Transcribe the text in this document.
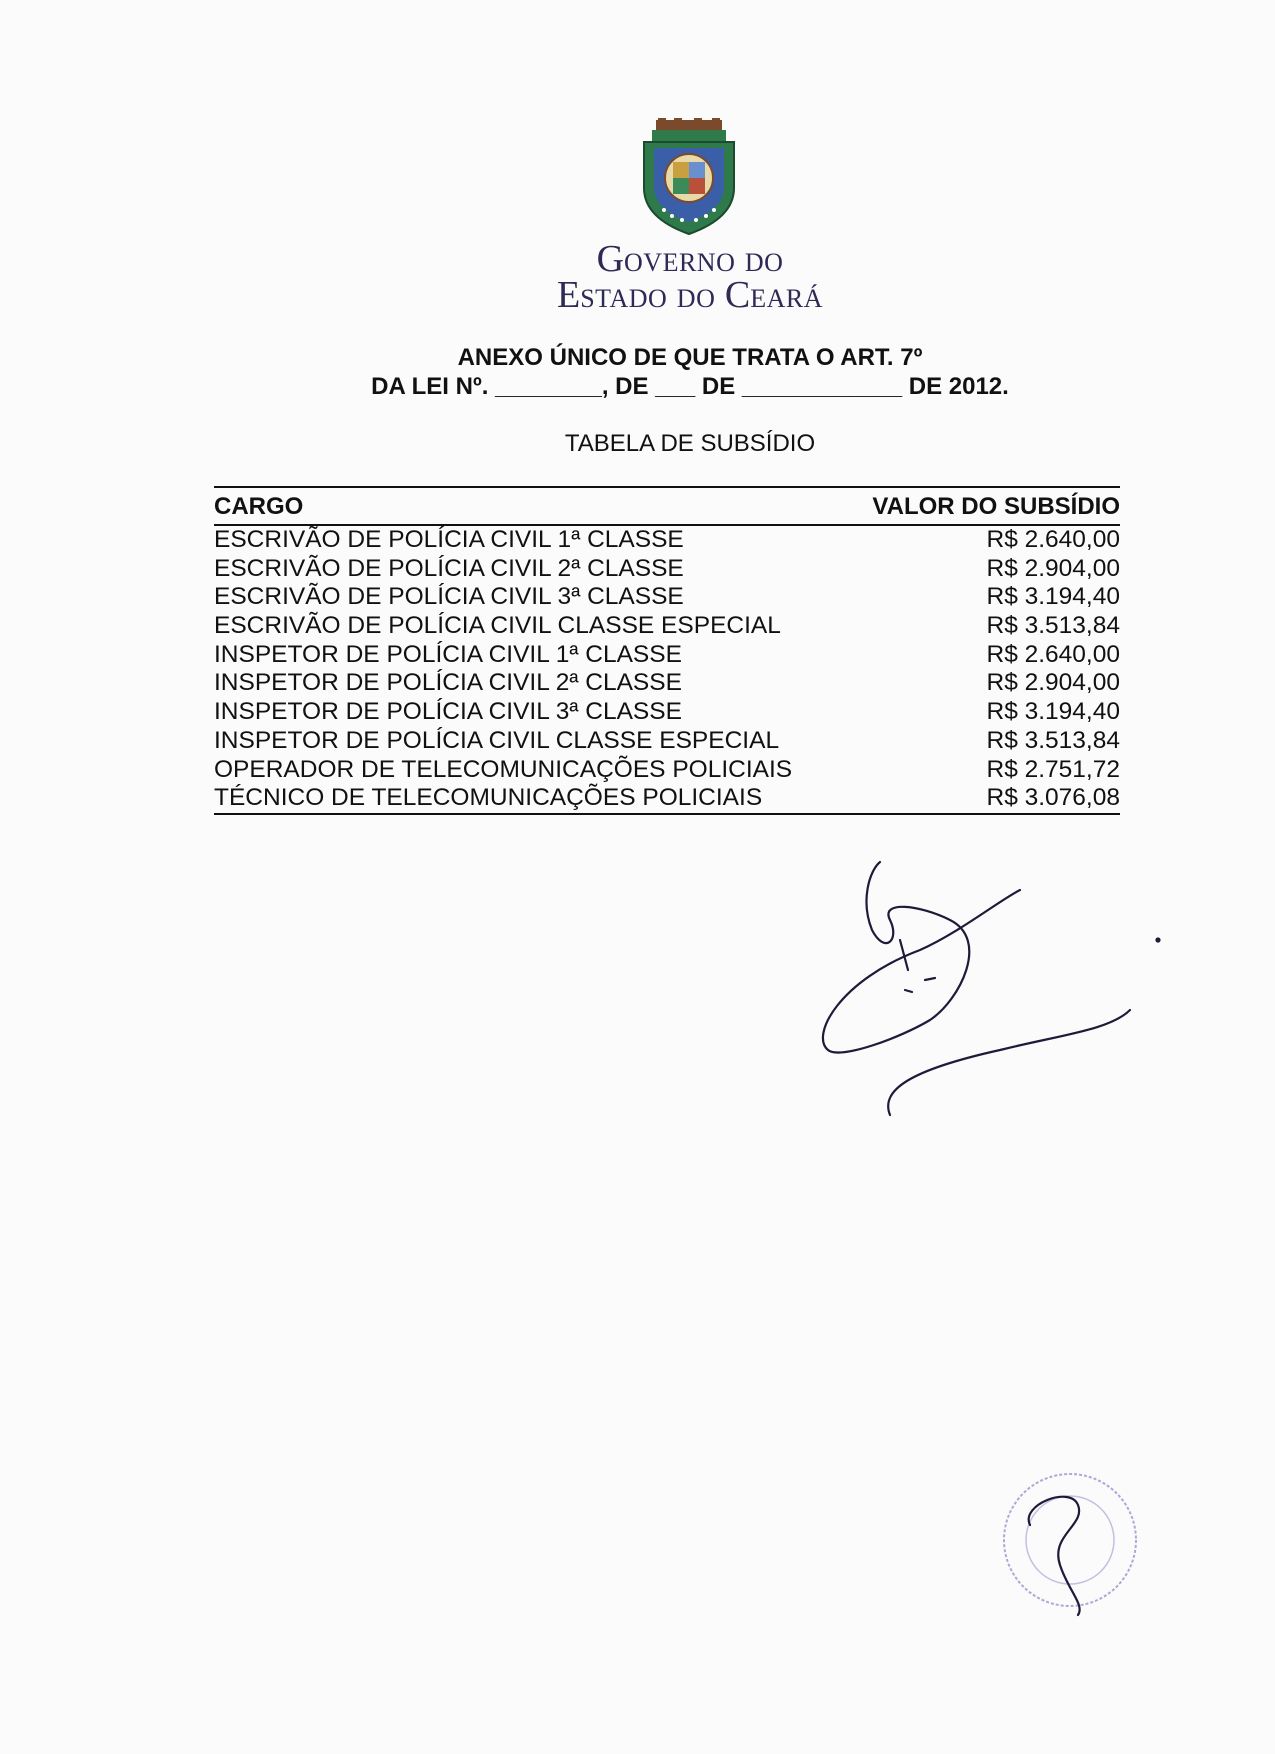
GOVERNO DO
ESTADO DO CEARÁ
ANEXO ÚNICO DE QUE TRATA O ART. 7º
DA LEI Nº. ________, DE ___ DE ____________ DE 2012.
TABELA DE SUBSÍDIO
CARGO	VALOR DO SUBSÍDIO
ESCRIVÃO DE POLÍCIA CIVIL 1ª CLASSE	R$ 2.640,00
ESCRIVÃO DE POLÍCIA CIVIL 2ª CLASSE	R$ 2.904,00
ESCRIVÃO DE POLÍCIA CIVIL 3ª CLASSE	R$ 3.194,40
ESCRIVÃO DE POLÍCIA CIVIL CLASSE ESPECIAL	R$ 3.513,84
INSPETOR DE POLÍCIA CIVIL 1ª CLASSE	R$ 2.640,00
INSPETOR DE POLÍCIA CIVIL 2ª CLASSE	R$ 2.904,00
INSPETOR DE POLÍCIA CIVIL 3ª CLASSE	R$ 3.194,40
INSPETOR DE POLÍCIA CIVIL CLASSE ESPECIAL	R$ 3.513,84
OPERADOR DE TELECOMUNICAÇÕES POLICIAIS	R$ 2.751,72
TÉCNICO DE TELECOMUNICAÇÕES POLICIAIS	R$ 3.076,08
